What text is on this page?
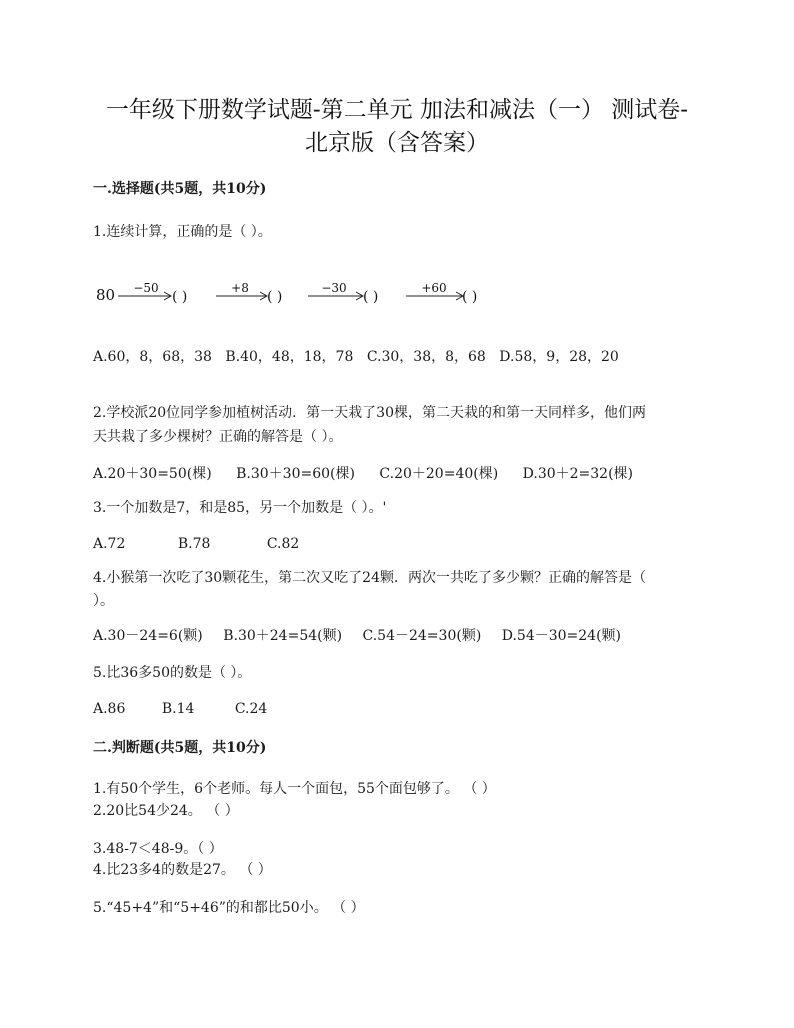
一年级下册数学试题-第二单元 加法和减法（一） 测试卷-
北京版（含答案）
一.选择题(共5题，共10分)
1.连续计算，正确的是（ ）。
80 −50
( )
+8
( )
−30
( )
+60
( )
A.60，8，68，38 B.40，48，18，78 C.30，38，8，68 D.58，9，28，20
2.学校派20位同学参加植树活动．第一天栽了30棵，第二天栽的和第一天同样多，他们两
天共栽了多少棵树？正确的解答是（ ）。
A.20＋30=50(棵) B.30＋30=60(棵) C.20＋20=40(棵) D.30＋2=32(棵)
3.一个加数是7，和是85，另一个加数是（ ）。'
A.72	B.78	C.82
4.小猴第一次吃了30颗花生，第二次又吃了24颗．两次一共吃了多少颗？正确的解答是（
）。
A.30－24=6(颗) B.30＋24=54(颗) C.54－24=30(颗) D.54－30=24(颗)
5.比36多50的数是（ ）。
A.86	B.14	C.24
二.判断题(共5题，共10分)
1.有50个学生，6个老师。每人一个面包，55个面包够了。 （ ）
2.20比54少24。 （ ）
3.48-7＜48-9。（ ）
4.比23多4的数是27。 （ ）
5.“45+4”和“5+46”的和都比50小。 （ ）
